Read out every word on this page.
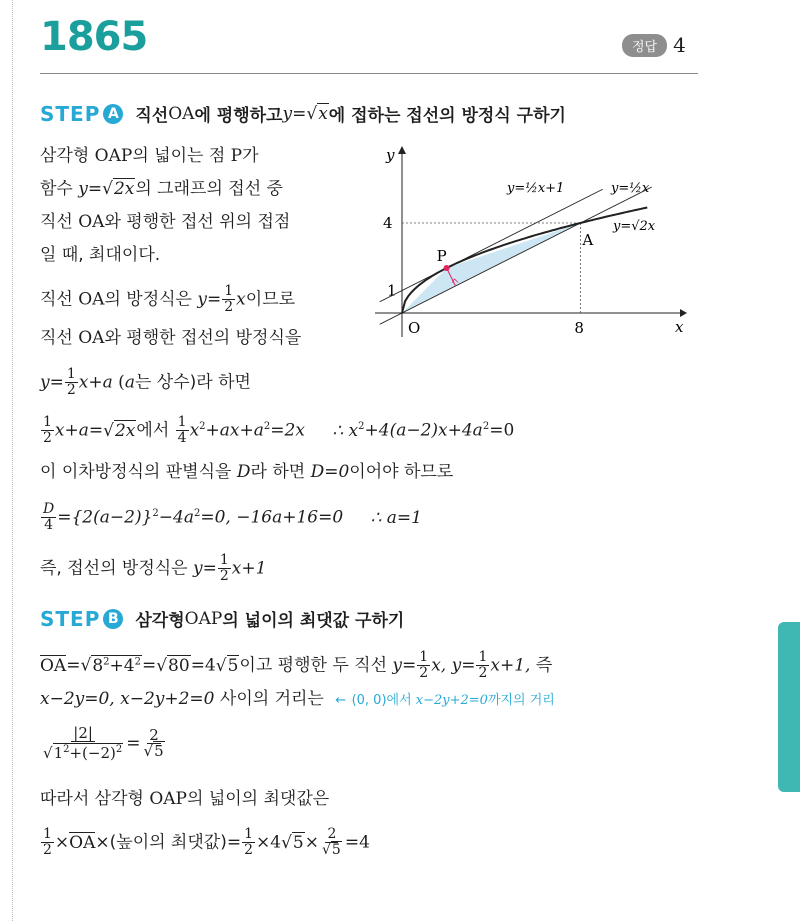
1865	정답 4
STEP A 직선 OA 에 평행하고 y = √x 에 접하는 접선의 방정식 구하기
삼각형 OAP의 넓이는 점 P가
함수 y=√2x의 그래프의 접선 중
직선 OA와 평행한 접선 위의 접점
일 때, 최대이다.
직선 OA의 방정식은 $y= \frac{1}{2}$ x이므로
직선 OA와 평행한 접선의 방정식을
$y= \frac{1}{2} x+a$ (a는 상수)라 하면
y
x
O	8
4
1
P
A
y=½x+1	y=½x
y=√2x
$\frac{1}{2} x+a=√2x$에서 $\frac{1}{4} x^2+ax+a^2=2x$ ∴ $x^2+4(a-2)x+4a^2=0$
이 이차방정식의 판별식을 D라 하면 D=0이어야 하므로
$\frac{D}{4} =\{2(a-2)\}^2-4a^2=0$, −16a+16=0 ∴ a=1
즉, 접선의 방정식은 $y= \frac{1}{2} x+1$
STEP B 삼각형 OAP 의 넓이의 최댓값 구하기
$OA=√8^2+4^2=√80=4√5$이고 평행한 두 직선 $y= \frac{1}{2} x$, $y= \frac{1}{2} x+1$, 즉
x−2y=0, x−2y+2=0 사이의 거리는 ← (0, 0)에서 x−2y+2=0까지의 거리
$\frac{|2|}{√1^2+(-2)^2} = \frac{2}{√5}$
따라서 삼각형 OAP의 넓이의 최댓값은
$\frac{1}{2} \times OA\times$(높이의 최댓값)= $\frac{1}{2} \times 4√5\times \frac{2}{√5} =4$
